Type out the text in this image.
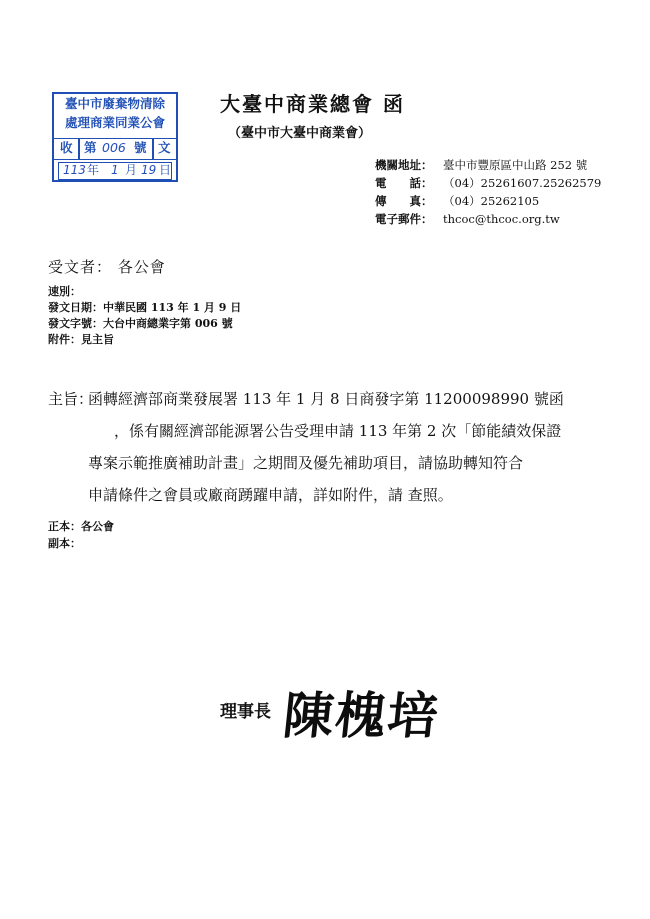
臺中市廢棄物清除
處理商業同業公會
收 第 006 號 文
113 年 1 月 19 日
大臺中商業總會 函
（臺中市大臺中商業會）
機關地址： 臺中市豐原區中山路 252 號
電　　話： （04）25261607.25262579
傳　　真： （04）25262105
電子郵件： thcoc@thcoc.org.tw
受文者： 各公會
速別：
發文日期：中華民國 113 年 1 月 9 日
發文字號：大台中商總業字第 006 號
附件：見主旨
主旨：
函轉經濟部商業發展署 113 年 1 月 8 日商發字第 11200098990 號函
，係有關經濟部能源署公告受理申請 113 年第 2 次「節能績效保證
專案示範推廣補助計畫」之期間及優先補助項目，請協助轉知符合
申請條件之會員或廠商踴躍申請，詳如附件，請 查照。
正本：各公會
副本：
理事長 陳槐培
